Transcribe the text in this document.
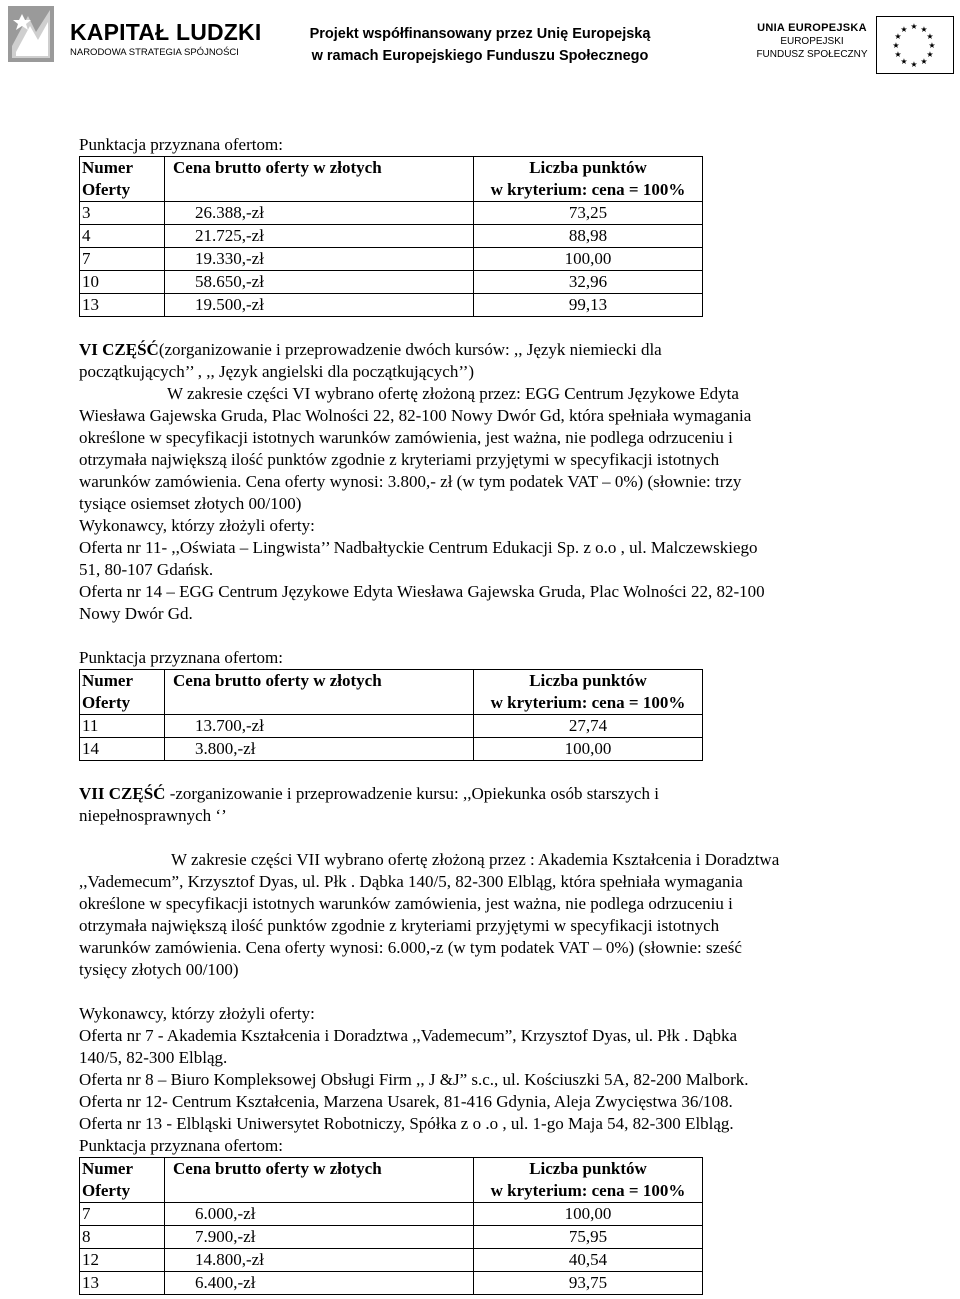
KAPITAŁ LUDZKI
NARODOWA STRATEGIA SPÓJNOŚCI
Projekt współfinansowany przez Unię Europejską
w ramach Europejskiego Funduszu Społecznego
UNIA EUROPEJSKA
EUROPEJSKI
FUNDUSZ SPOŁECZNY
★ ★
★
★
★
★
★
★
★
★
★
★

Punktacja przyznana ofertom:

Numer
Oferty	Cena brutto oferty w złotych	Liczba punktów
w kryterium: cena = 100%
3	26.388,-zł	73,25
4	21.725,-zł	88,98
7	19.330,-zł	100,00
10	58.650,-zł	32,96
13	19.500,-zł	99,13

VI CZĘŚĆ(zorganizowanie i przeprowadzenie dwóch kursów: ,, Język niemiecki dla

początkujących’’ , ,, Język angielski dla początkujących’’)

W zakresie części VI wybrano ofertę złożoną przez: EGG Centrum Językowe Edyta

Wiesława Gajewska Gruda, Plac Wolności 22, 82-100 Nowy Dwór Gd, która spełniała wymagania

określone w specyfikacji istotnych warunków zamówienia, jest ważna, nie podlega odrzuceniu i

otrzymała największą ilość punktów zgodnie z kryteriami przyjętymi w specyfikacji istotnych

warunków zamówienia. Cena oferty wynosi: 3.800,- zł (w tym podatek VAT – 0%) (słownie: trzy

tysiące osiemset złotych 00/100)

Wykonawcy, którzy złożyli oferty:

Oferta nr 11- ,,Oświata – Lingwista’’ Nadbałtyckie Centrum Edukacji Sp. z o.o , ul. Malczewskiego

51, 80-107 Gdańsk.

Oferta nr 14 – EGG Centrum Językowe Edyta Wiesława Gajewska Gruda, Plac Wolności 22, 82-100

Nowy Dwór Gd.

Punktacja przyznana ofertom:

Numer
Oferty	Cena brutto oferty w złotych	Liczba punktów
w kryterium: cena = 100%
11	13.700,-zł	27,74
14	3.800,-zł	100,00

VII CZĘŚĆ -zorganizowanie i przeprowadzenie kursu: ,,Opiekunka osób starszych i

niepełnosprawnych ‘’

W zakresie części VII wybrano ofertę złożoną przez : Akademia Kształcenia i Doradztwa

,,Vademecum”, Krzysztof Dyas, ul. Płk . Dąbka 140/5, 82-300 Elbląg, która spełniała wymagania

określone w specyfikacji istotnych warunków zamówienia, jest ważna, nie podlega odrzuceniu i

otrzymała największą ilość punktów zgodnie z kryteriami przyjętymi w specyfikacji istotnych

warunków zamówienia. Cena oferty wynosi: 6.000,-z (w tym podatek VAT – 0%) (słownie: sześć

tysięcy złotych 00/100)

Wykonawcy, którzy złożyli oferty:

Oferta nr 7 - Akademia Kształcenia i Doradztwa ,,Vademecum”, Krzysztof Dyas, ul. Płk . Dąbka

140/5, 82-300 Elbląg.

Oferta nr 8 – Biuro Kompleksowej Obsługi Firm ,, J &J” s.c., ul. Kościuszki 5A, 82-200 Malbork.

Oferta nr 12- Centrum Kształcenia, Marzena Usarek, 81-416 Gdynia, Aleja Zwycięstwa 36/108.

Oferta nr 13 - Elbląski Uniwersytet Robotniczy, Spółka z o .o , ul. 1-go Maja 54, 82-300 Elbląg.

Punktacja przyznana ofertom:

Numer
Oferty	Cena brutto oferty w złotych	Liczba punktów
w kryterium: cena = 100%
7	6.000,-zł	100,00
8	7.900,-zł	75,95
12	14.800,-zł	40,54
13	6.400,-zł	93,75
